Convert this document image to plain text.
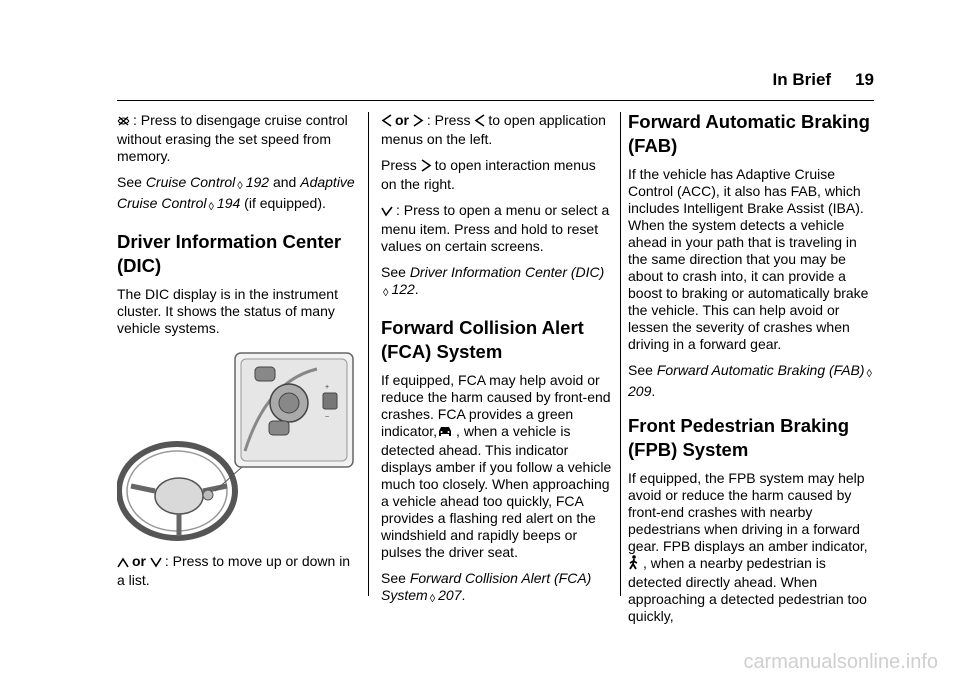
In Brief 19

: Press to disengage cruise control without erasing the set speed from memory.

See Cruise Control ◊ 192 and Adaptive Cruise Control ◊ 194 (if equipped).

Driver Information Center (DIC)

The DIC display is in the instrument cluster. It shows the status of many vehicle systems.

+
−

or : Press to move up or down in a list.

or : Press to open application menus on the left.

Press to open interaction menus on the right.

: Press to open a menu or select a menu item. Press and hold to reset values on certain screens.

See Driver Information Center (DIC)
◊ 122.

Forward Collision Alert (FCA) System

If equipped, FCA may help avoid or reduce the harm caused by front-end crashes. FCA provides a green indicator, , when a vehicle is detected ahead. This indicator displays amber if you follow a vehicle much too closely. When approaching a vehicle ahead too quickly, FCA provides a flashing red alert on the windshield and rapidly beeps or pulses the driver seat.

See Forward Collision Alert (FCA) System ◊ 207.

Forward Automatic Braking (FAB)

If the vehicle has Adaptive Cruise Control (ACC), it also has FAB, which includes Intelligent Brake Assist (IBA). When the system detects a vehicle ahead in your path that is traveling in the same direction that you may be about to crash into, it can provide a boost to braking or automatically brake the vehicle. This can help avoid or lessen the severity of crashes when driving in a forward gear.

See Forward Automatic Braking (FAB) ◊209.

Front Pedestrian Braking (FPB) System

If equipped, the FPB system may help avoid or reduce the harm caused by front-end crashes with nearby pedestrians when driving in a forward gear. FPB displays an amber indicator,, when a nearby pedestrian is detected directly ahead. When approaching a detected pedestrian too quickly,

carmanualsonline.info
